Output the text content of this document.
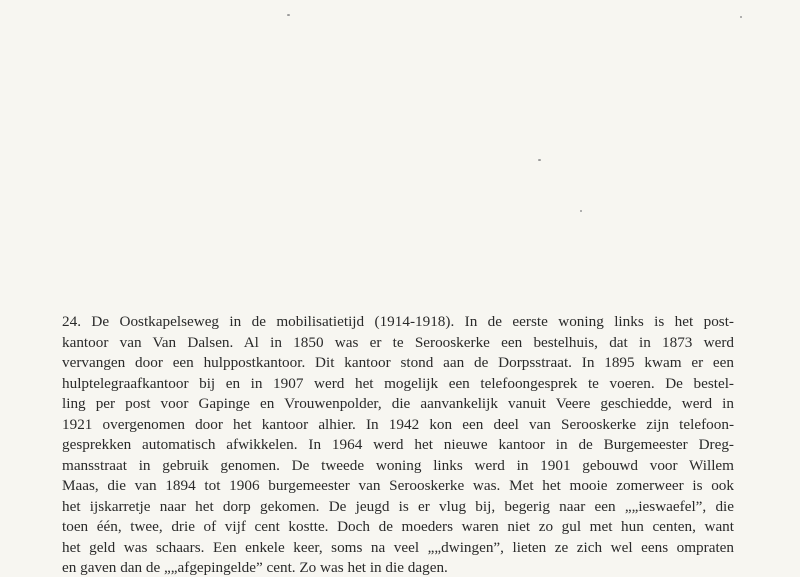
24. De Oostkapelseweg in de mobilisatietijd (1914-1918). In de eerste woning links is het post-
kantoor van Van Dalsen. Al in 1850 was er te Serooskerke een bestelhuis, dat in 1873 werd
vervangen door een hulppostkantoor. Dit kantoor stond aan de Dorpsstraat. In 1895 kwam er een
hulptelegraafkantoor bij en in 1907 werd het mogelijk een telefoongesprek te voeren. De bestel-
ling per post voor Gapinge en Vrouwenpolder, die aanvankelijk vanuit Veere geschiedde, werd in
1921 overgenomen door het kantoor alhier. In 1942 kon een deel van Serooskerke zijn telefoon-
gesprekken automatisch afwikkelen. In 1964 werd het nieuwe kantoor in de Burgemeester Dreg-
mansstraat in gebruik genomen. De tweede woning links werd in 1901 gebouwd voor Willem
Maas, die van 1894 tot 1906 burgemeester van Serooskerke was. Met het mooie zomerweer is ook
het ijskarretje naar het dorp gekomen. De jeugd is er vlug bij, begerig naar een „„ieswaefel”, die
toen één, twee, drie of vijf cent kostte. Doch de moeders waren niet zo gul met hun centen, want
het geld was schaars. Een enkele keer, soms na veel „„dwingen”, lieten ze zich wel eens ompraten
en gaven dan de „„afgepingelde” cent. Zo was het in die dagen.
